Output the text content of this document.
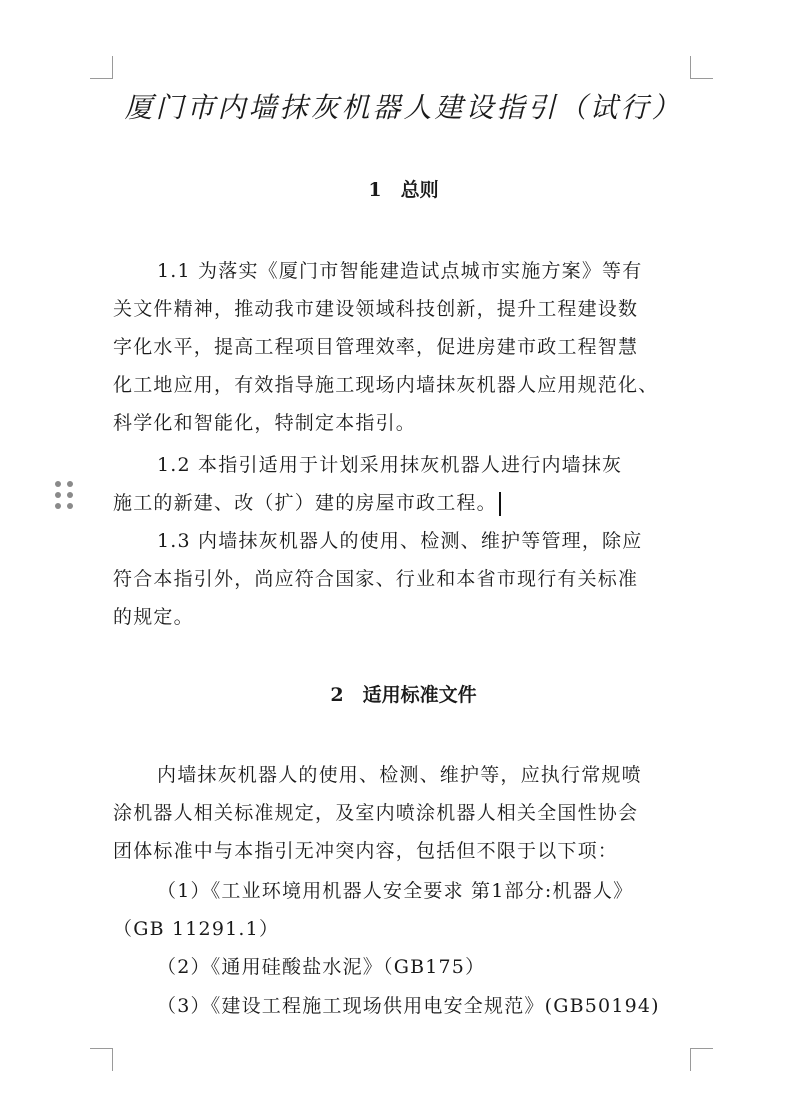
厦门市内墙抹灰机器人建设指引（试行）
1　总则
1.1 为落实《厦门市智能建造试点城市实施方案》等有
关文件精神，推动我市建设领域科技创新，提升工程建设数
字化水平，提高工程项目管理效率，促进房建市政工程智慧
化工地应用，有效指导施工现场内墙抹灰机器人应用规范化、
科学化和智能化，特制定本指引。
1.2 本指引适用于计划采用抹灰机器人进行内墙抹灰
施工的新建、改（扩）建的房屋市政工程。
1.3 内墙抹灰机器人的使用、检测、维护等管理，除应
符合本指引外，尚应符合国家、行业和本省市现行有关标准
的规定。
2　适用标准文件
内墙抹灰机器人的使用、检测、维护等，应执行常规喷
涂机器人相关标准规定，及室内喷涂机器人相关全国性协会
团体标准中与本指引无冲突内容，包括但不限于以下项：
（1）《工业环境用机器人安全要求 第1部分:机器人》
（GB 11291.1）
（2）《通用硅酸盐水泥》（GB175）
（3）《建设工程施工现场供用电安全规范》(GB50194)
